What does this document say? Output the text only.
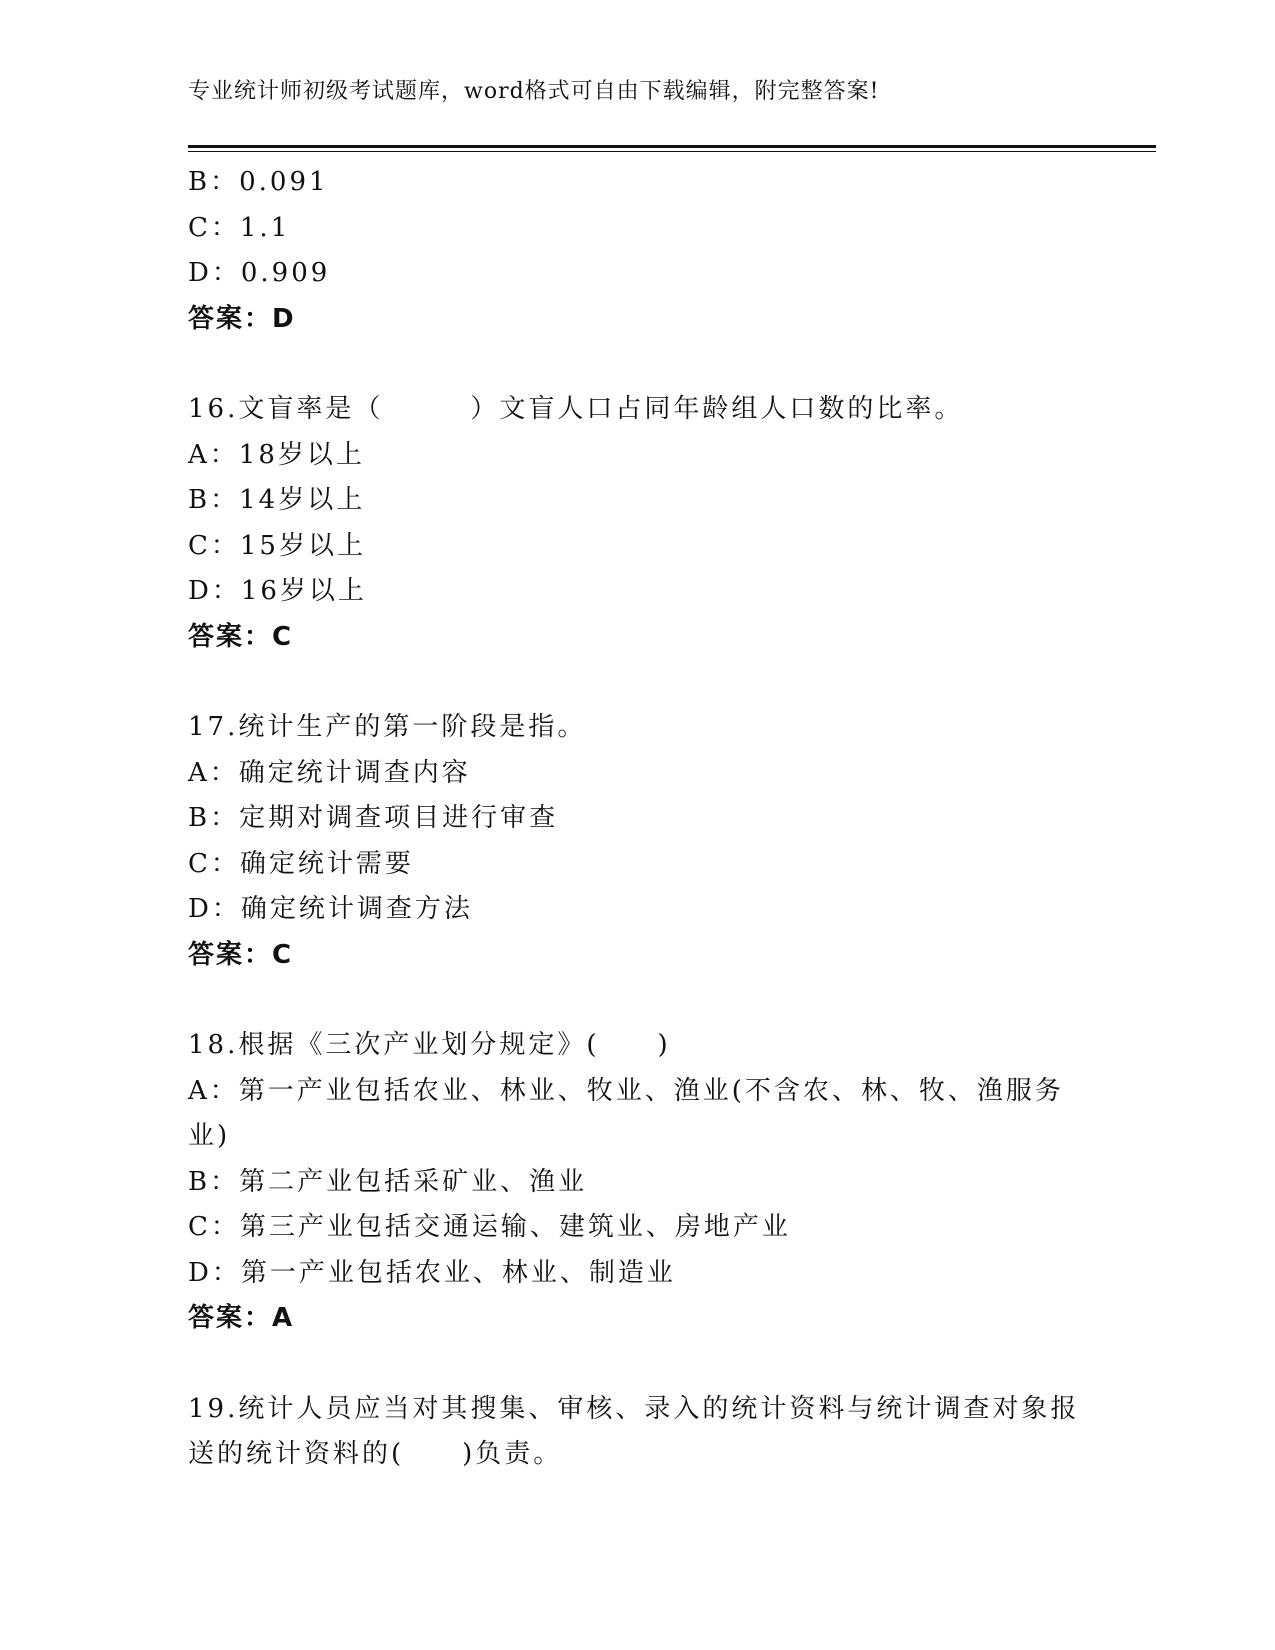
专业统计师初级考试题库，word格式可自由下载编辑，附完整答案!
B：0.091
C：1.1
D：0.909
答案：D
16.文盲率是（　　　）文盲人口占同年龄组人口数的比率。
A：18岁以上
B：14岁以上
C：15岁以上
D：16岁以上
答案：C
17.统计生产的第一阶段是指。
A：确定统计调查内容
B：定期对调查项目进行审查
C：确定统计需要
D：确定统计调查方法
答案：C
18.根据《三次产业划分规定》(　　)
A：第一产业包括农业、林业、牧业、渔业(不含农、林、牧、渔服务
业)
B：第二产业包括采矿业、渔业
C：第三产业包括交通运输、建筑业、房地产业
D：第一产业包括农业、林业、制造业
答案：A
19.统计人员应当对其搜集、审核、录入的统计资料与统计调查对象报
送的统计资料的(　　)负责。
